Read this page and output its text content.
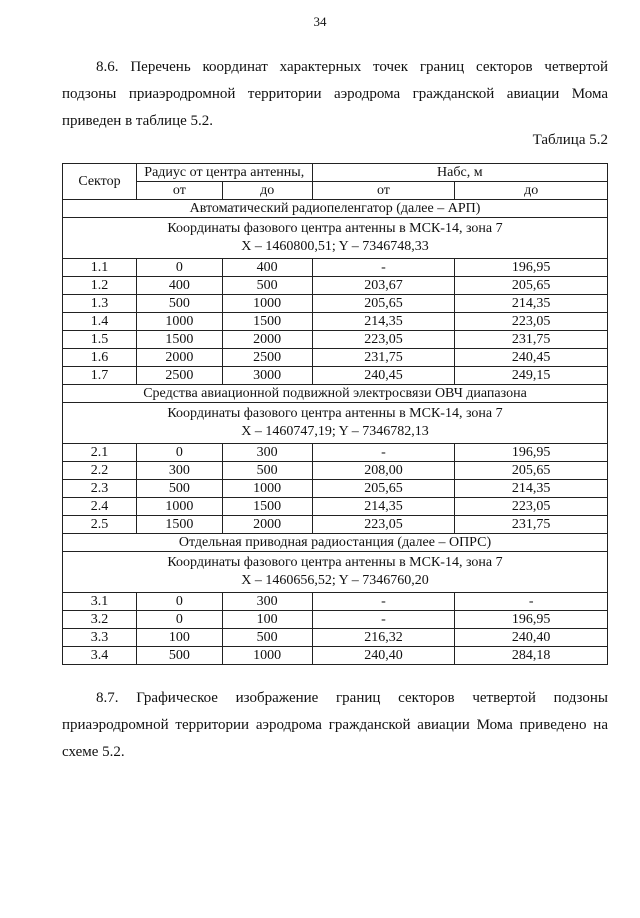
34
8.6. Перечень координат характерных точек границ секторов четвертой
подзоны приаэродромной территории аэродрома гражданской авиации Мома
приведен в таблице 5.2.
Таблица 5.2
Сектор	Радиус от центра антенны,		Набс, м	
	от	до	от	до
Автоматический радиопеленгатор (далее – АРП)				

Координаты фазового центра антенны в МСК-14, зона 7
X – 1460800,51; Y – 7346748,33				

1.1	0	400	-	196,95
1.2	400	500	203,67	205,65
1.3	500	1000	205,65	214,35
1.4	1000	1500	214,35	223,05
1.5	1500	2000	223,05	231,75
1.6	2000	2500	231,75	240,45
1.7	2500	3000	240,45	249,15
Средства авиационной подвижной электросвязи ОВЧ диапазона				

Координаты фазового центра антенны в МСК-14, зона 7
X – 1460747,19; Y – 7346782,13				

2.1	0	300	-	196,95
2.2	300	500	208,00	205,65
2.3	500	1000	205,65	214,35
2.4	1000	1500	214,35	223,05
2.5	1500	2000	223,05	231,75
Отдельная приводная радиостанция (далее – ОПРС)				

Координаты фазового центра антенны в МСК-14, зона 7
X – 1460656,52; Y – 7346760,20				

3.1	0	300	-	-
3.2	0	100	-	196,95
3.3	100	500	216,32	240,40
3.4	500	1000	240,40	284,18
8.7. Графическое изображение границ секторов четвертой подзоны
приаэродромной территории аэродрома гражданской авиации Мома приведено на
схеме 5.2.
